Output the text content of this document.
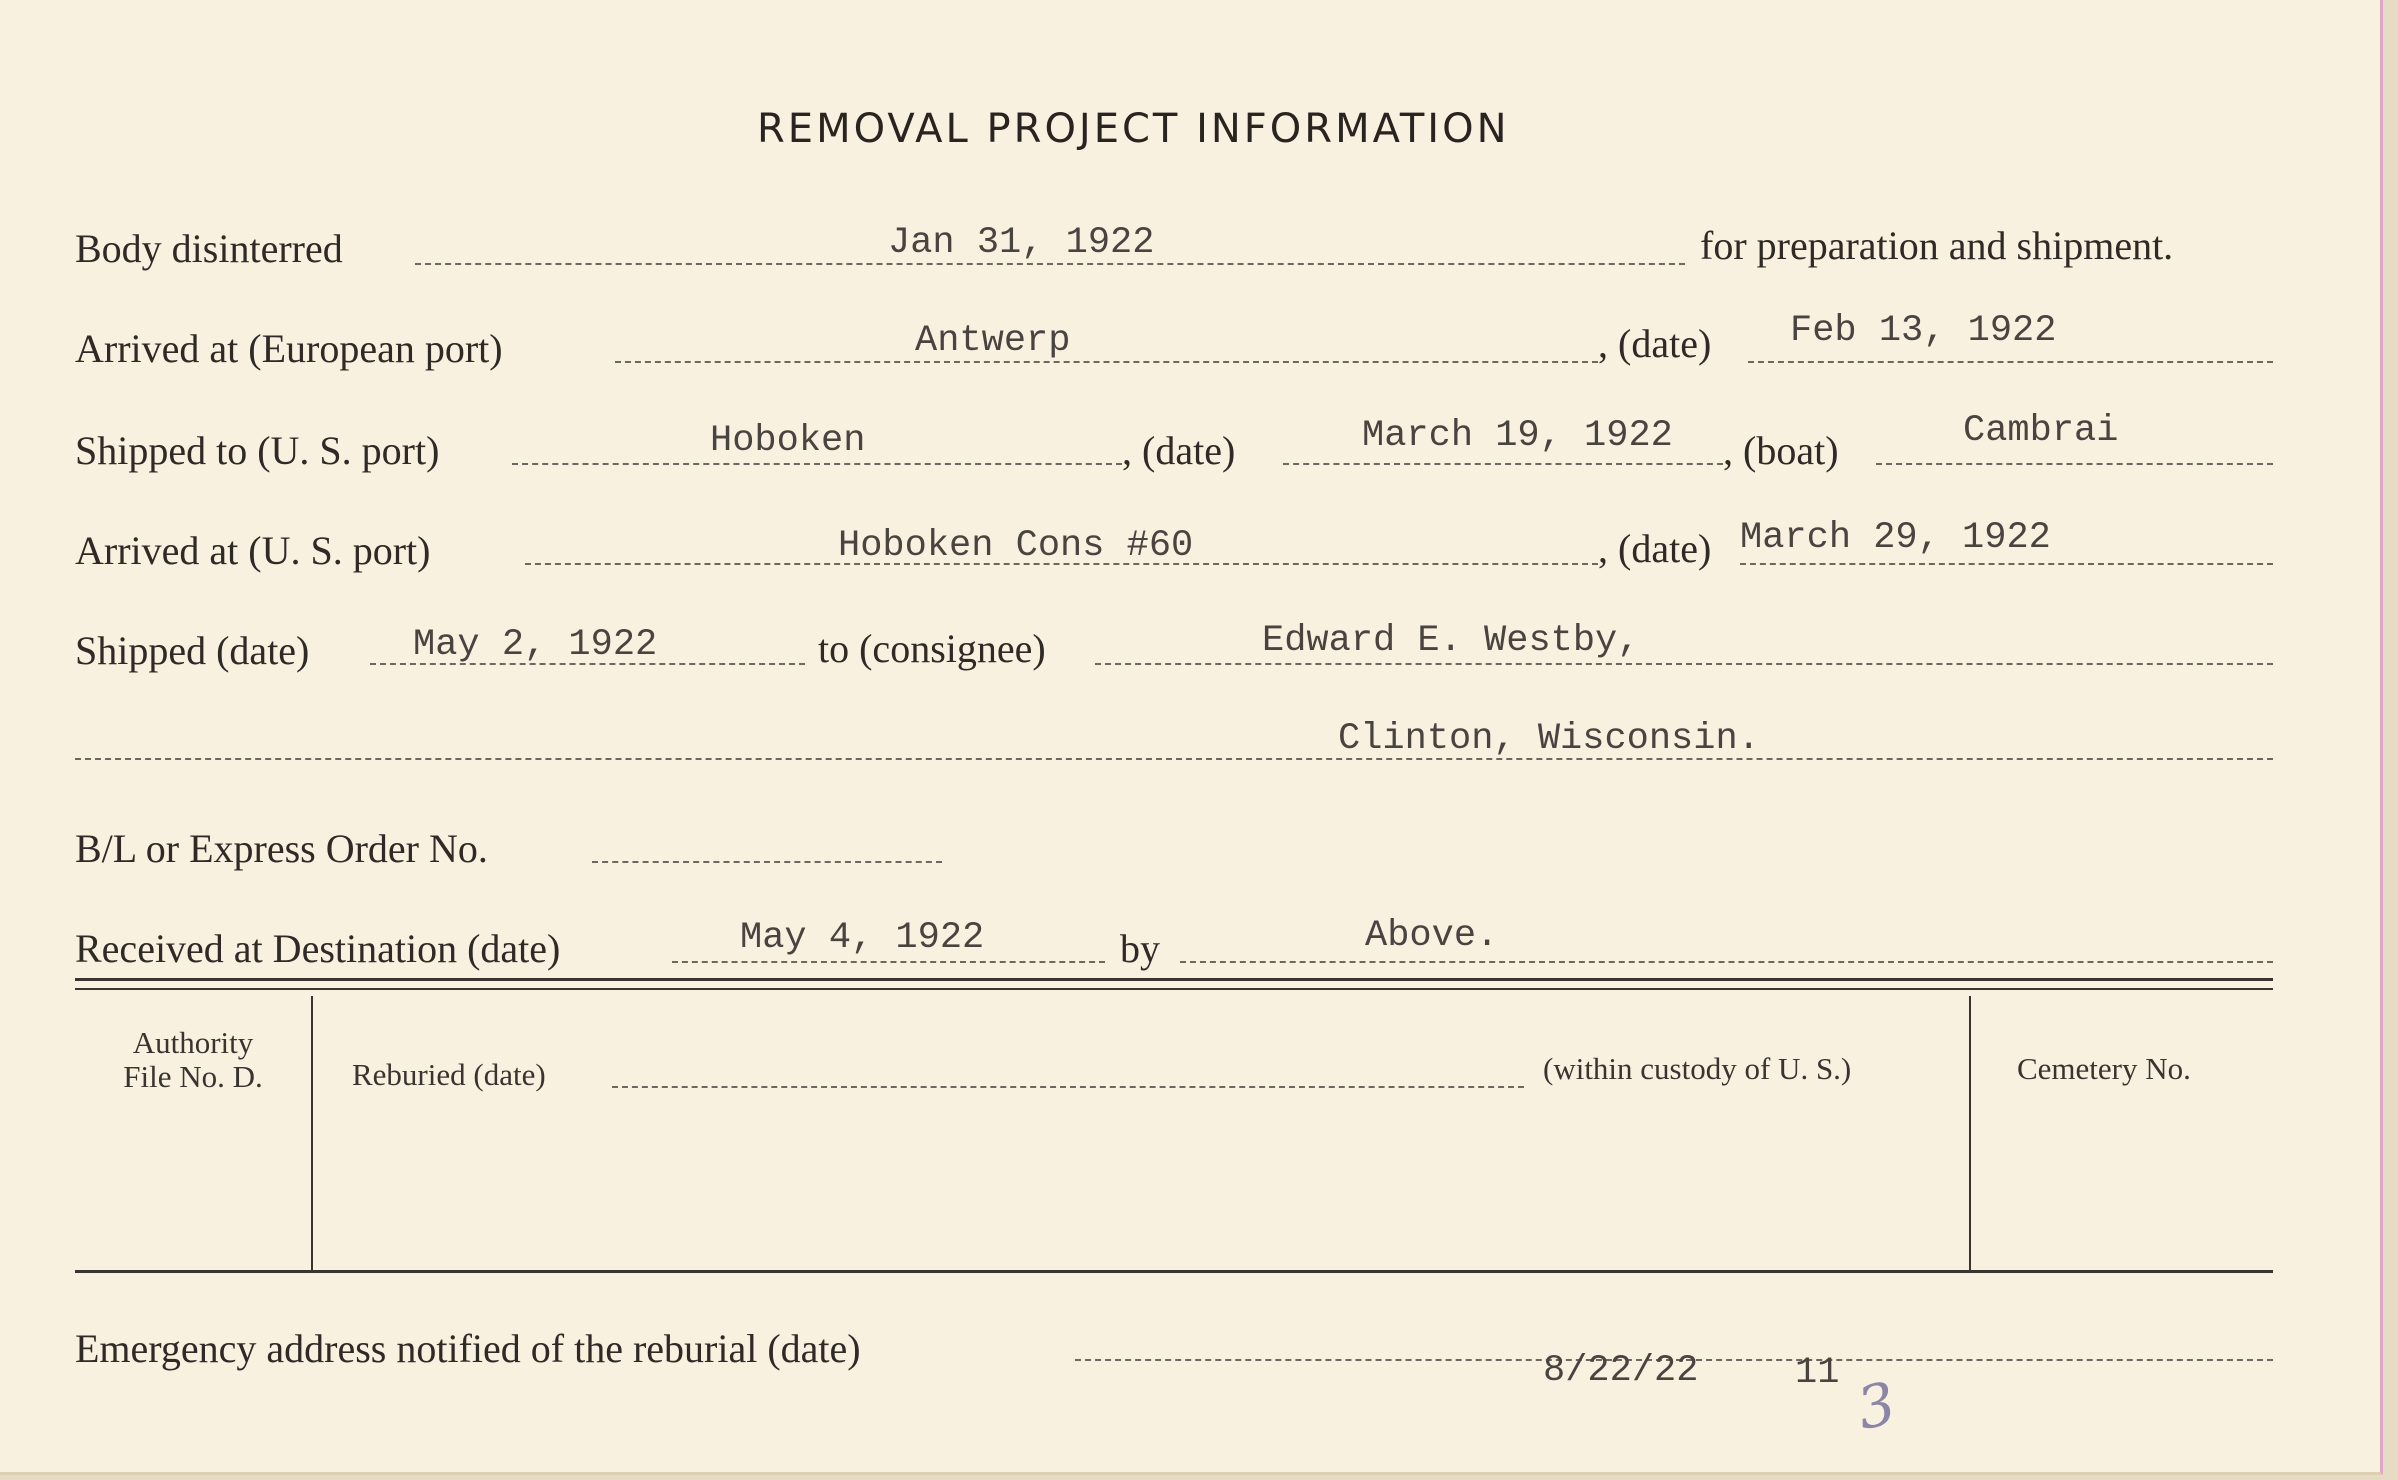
REMOVAL PROJECT INFORMATION
Body disinterred	Jan 31, 1922	for preparation and shipment.
Arrived at (European port)	Antwerp	, (date) Feb 13, 1922
Shipped to (U. S. port)	Hoboken	, (date)	March 19, 1922 , (boat)	Cambrai
Arrived at (U. S. port)	Hoboken Cons #60	, (date) March 29, 1922
Shipped (date)	May 2, 1922	to (consignee)	Edward E. Westby,
Clinton, Wisconsin.
B/L or Express Order No.
Received at Destination (date)	May 4, 1922	by	Above.
Authority
File No. D.	Reburied (date)	(within custody of U. S.)	Cemetery No.
Emergency address notified of the reburial (date)	8/22/22	11 3
